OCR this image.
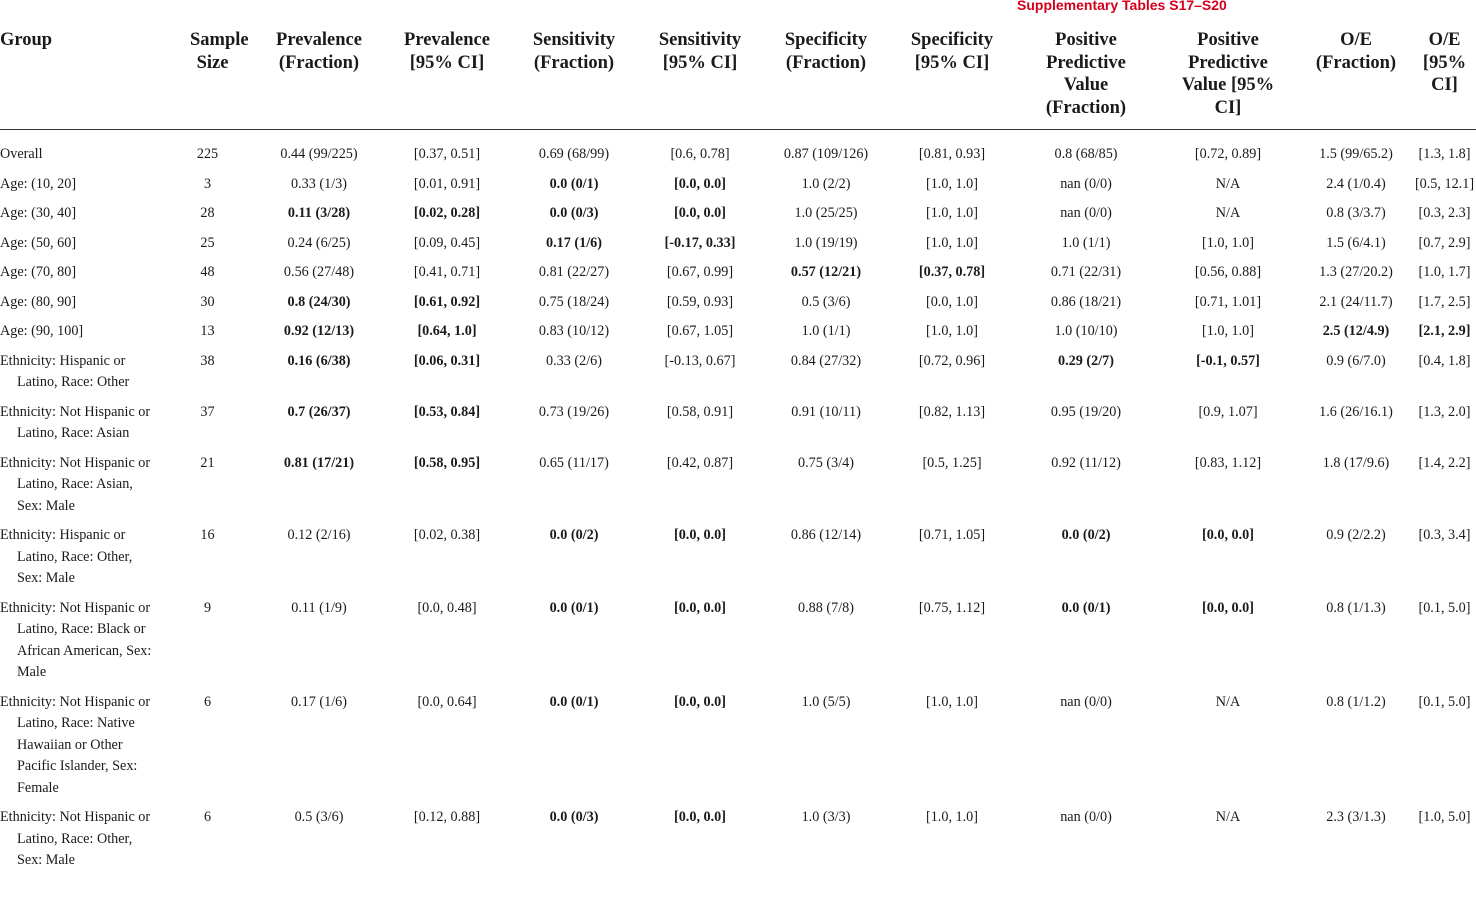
Supplementary Tables S17–S20
Group	Sample Size	Prevalence (Fraction)	Prevalence [95% CI]	Sensitivity (Fraction)	Sensitivity [95% CI]	Specificity (Fraction)	Specificity [95% CI]	Positive Predictive Value (Fraction)	Positive Predictive Value [95% CI]	O/E (Fraction)	O/E [95% CI]

Overall	225	0.44 (99/225)	[0.37, 0.51]	0.69 (68/99)	[0.6, 0.78]	0.87 (109/126)	[0.81, 0.93]	0.8 (68/85)	[0.72, 0.89]	1.5 (99/65.2)	[1.3, 1.8]

Age: (10, 20]	3	0.33 (1/3)	[0.01, 0.91]	0.0 (0/1)	[0.0, 0.0]	1.0 (2/2)	[1.0, 1.0]	nan (0/0)	N/A	2.4 (1/0.4)	[0.5, 12.1]

Age: (30, 40]	28	0.11 (3/28)	[0.02, 0.28]	0.0 (0/3)	[0.0, 0.0]	1.0 (25/25)	[1.0, 1.0]	nan (0/0)	N/A	0.8 (3/3.7)	[0.3, 2.3]

Age: (50, 60]	25	0.24 (6/25)	[0.09, 0.45]	0.17 (1/6)	[-0.17, 0.33]	1.0 (19/19)	[1.0, 1.0]	1.0 (1/1)	[1.0, 1.0]	1.5 (6/4.1)	[0.7, 2.9]

Age: (70, 80]	48	0.56 (27/48)	[0.41, 0.71]	0.81 (22/27)	[0.67, 0.99]	0.57 (12/21)	[0.37, 0.78]	0.71 (22/31)	[0.56, 0.88]	1.3 (27/20.2)	[1.0, 1.7]

Age: (80, 90]	30	0.8 (24/30)	[0.61, 0.92]	0.75 (18/24)	[0.59, 0.93]	0.5 (3/6)	[0.0, 1.0]	0.86 (18/21)	[0.71, 1.01]	2.1 (24/11.7)	[1.7, 2.5]

Age: (90, 100]	13	0.92 (12/13)	[0.64, 1.0]	0.83 (10/12)	[0.67, 1.05]	1.0 (1/1)	[1.0, 1.0]	1.0 (10/10)	[1.0, 1.0]	2.5 (12/4.9)	[2.1, 2.9]

Ethnicity: Hispanic or Latino, Race: Other	38	0.16 (6/38)	[0.06, 0.31]	0.33 (2/6)	[-0.13, 0.67]	0.84 (27/32)	[0.72, 0.96]	0.29 (2/7)	[-0.1, 0.57]	0.9 (6/7.0)	[0.4, 1.8]

Ethnicity: Not Hispanic or Latino, Race: Asian	37	0.7 (26/37)	[0.53, 0.84]	0.73 (19/26)	[0.58, 0.91]	0.91 (10/11)	[0.82, 1.13]	0.95 (19/20)	[0.9, 1.07]	1.6 (26/16.1)	[1.3, 2.0]

Ethnicity: Not Hispanic or Latino, Race: Asian, Sex: Male	21	0.81 (17/21)	[0.58, 0.95]	0.65 (11/17)	[0.42, 0.87]	0.75 (3/4)	[0.5, 1.25]	0.92 (11/12)	[0.83, 1.12]	1.8 (17/9.6)	[1.4, 2.2]

Ethnicity: Hispanic or Latino, Race: Other, Sex: Male	16	0.12 (2/16)	[0.02, 0.38]	0.0 (0/2)	[0.0, 0.0]	0.86 (12/14)	[0.71, 1.05]	0.0 (0/2)	[0.0, 0.0]	0.9 (2/2.2)	[0.3, 3.4]

Ethnicity: Not Hispanic or Latino, Race: Black or African American, Sex: Male	9	0.11 (1/9)	[0.0, 0.48]	0.0 (0/1)	[0.0, 0.0]	0.88 (7/8)	[0.75, 1.12]	0.0 (0/1)	[0.0, 0.0]	0.8 (1/1.3)	[0.1, 5.0]

Ethnicity: Not Hispanic or Latino, Race: Native Hawaiian or Other Pacific Islander, Sex: Female	6	0.17 (1/6)	[0.0, 0.64]	0.0 (0/1)	[0.0, 0.0]	1.0 (5/5)	[1.0, 1.0]	nan (0/0)	N/A	0.8 (1/1.2)	[0.1, 5.0]

Ethnicity: Not Hispanic or Latino, Race: Other, Sex: Male	6	0.5 (3/6)	[0.12, 0.88]	0.0 (0/3)	[0.0, 0.0]	1.0 (3/3)	[1.0, 1.0]	nan (0/0)	N/A	2.3 (3/1.3)	[1.0, 5.0]
